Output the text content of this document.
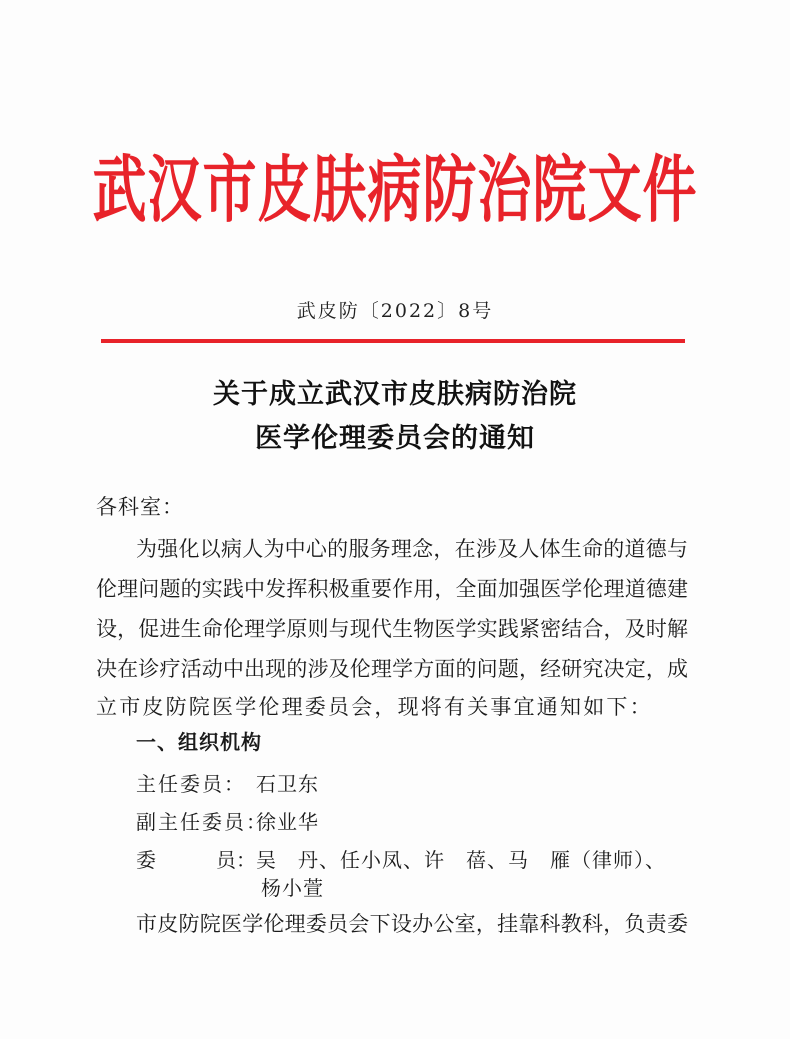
武汉市皮肤病防治院文件
武皮防〔2022〕8号
关于成立武汉市皮肤病防治院
医学伦理委员会的通知
各科室：
为强化以病人为中心的服务理念，在涉及人体生命的道德与
伦理问题的实践中发挥积极重要作用，全面加强医学伦理道德建
设，促进生命伦理学原则与现代生物医学实践紧密结合，及时解
决在诊疗活动中出现的涉及伦理学方面的问题，经研究决定，成
立市皮防院医学伦理委员会，现将有关事宜通知如下：
一、组织机构
主任委员： 石卫东
副主任委员：徐业华
委	员：吴　丹、任小凤、许　蓓、马　雁（律师）、
杨小萱
市皮防院医学伦理委员会下设办公室，挂靠科教科，负责委
